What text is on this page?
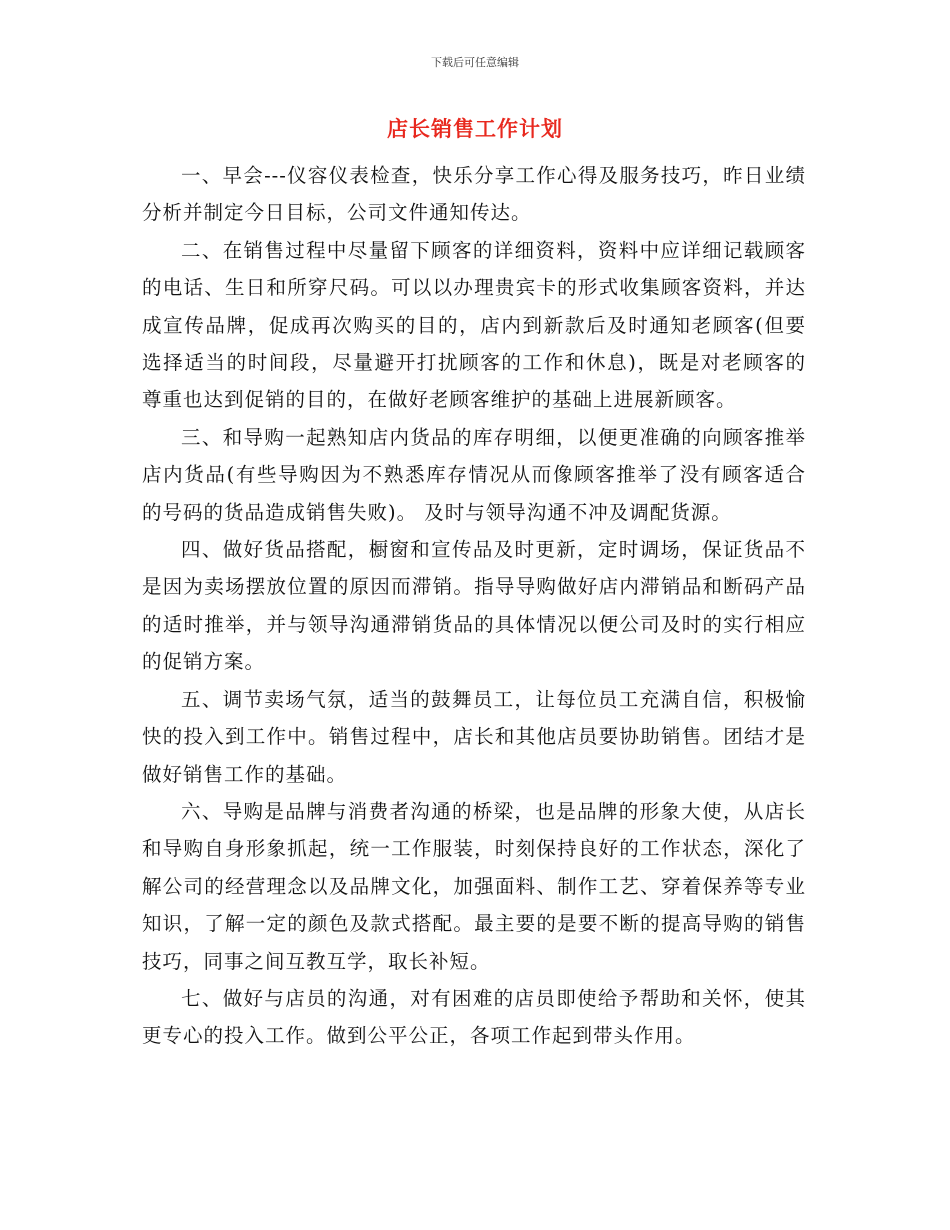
下载后可任意编辑
店长销售工作计划

一、早会---仪容仪表检查，快乐分享工作心得及服务技巧，昨日业绩分析并制定今日目标，公司文件通知传达。

二、在销售过程中尽量留下顾客的详细资料，资料中应详细记载顾客的电话、生日和所穿尺码。可以以办理贵宾卡的形式收集顾客资料，并达成宣传品牌，促成再次购买的目的，店内到新款后及时通知老顾客(但要选择适当的时间段，尽量避开打扰顾客的工作和休息)，既是对老顾客的尊重也达到促销的目的，在做好老顾客维护的基础上进展新顾客。

三、和导购一起熟知店内货品的库存明细，以便更准确的向顾客推举店内货品(有些导购因为不熟悉库存情况从而像顾客推举了没有顾客适合的号码的货品造成销售失败)。 及时与领导沟通不冲及调配货源。

四、做好货品搭配，橱窗和宣传品及时更新，定时调场，保证货品不是因为卖场摆放位置的原因而滞销。指导导购做好店内滞销品和断码产品的适时推举，并与领导沟通滞销货品的具体情况以便公司及时的实行相应的促销方案。

五、调节卖场气氛，适当的鼓舞员工，让每位员工充满自信，积极愉快的投入到工作中。销售过程中，店长和其他店员要协助销售。团结才是做好销售工作的基础。

六、导购是品牌与消费者沟通的桥梁，也是品牌的形象大使，从店长和导购自身形象抓起，统一工作服装，时刻保持良好的工作状态，深化了解公司的经营理念以及品牌文化，加强面料、制作工艺、穿着保养等专业知识，了解一定的颜色及款式搭配。最主要的是要不断的提高导购的销售技巧，同事之间互教互学，取长补短。

七、做好与店员的沟通，对有困难的店员即使给予帮助和关怀，使其更专心的投入工作。做到公平公正，各项工作起到带头作用。
